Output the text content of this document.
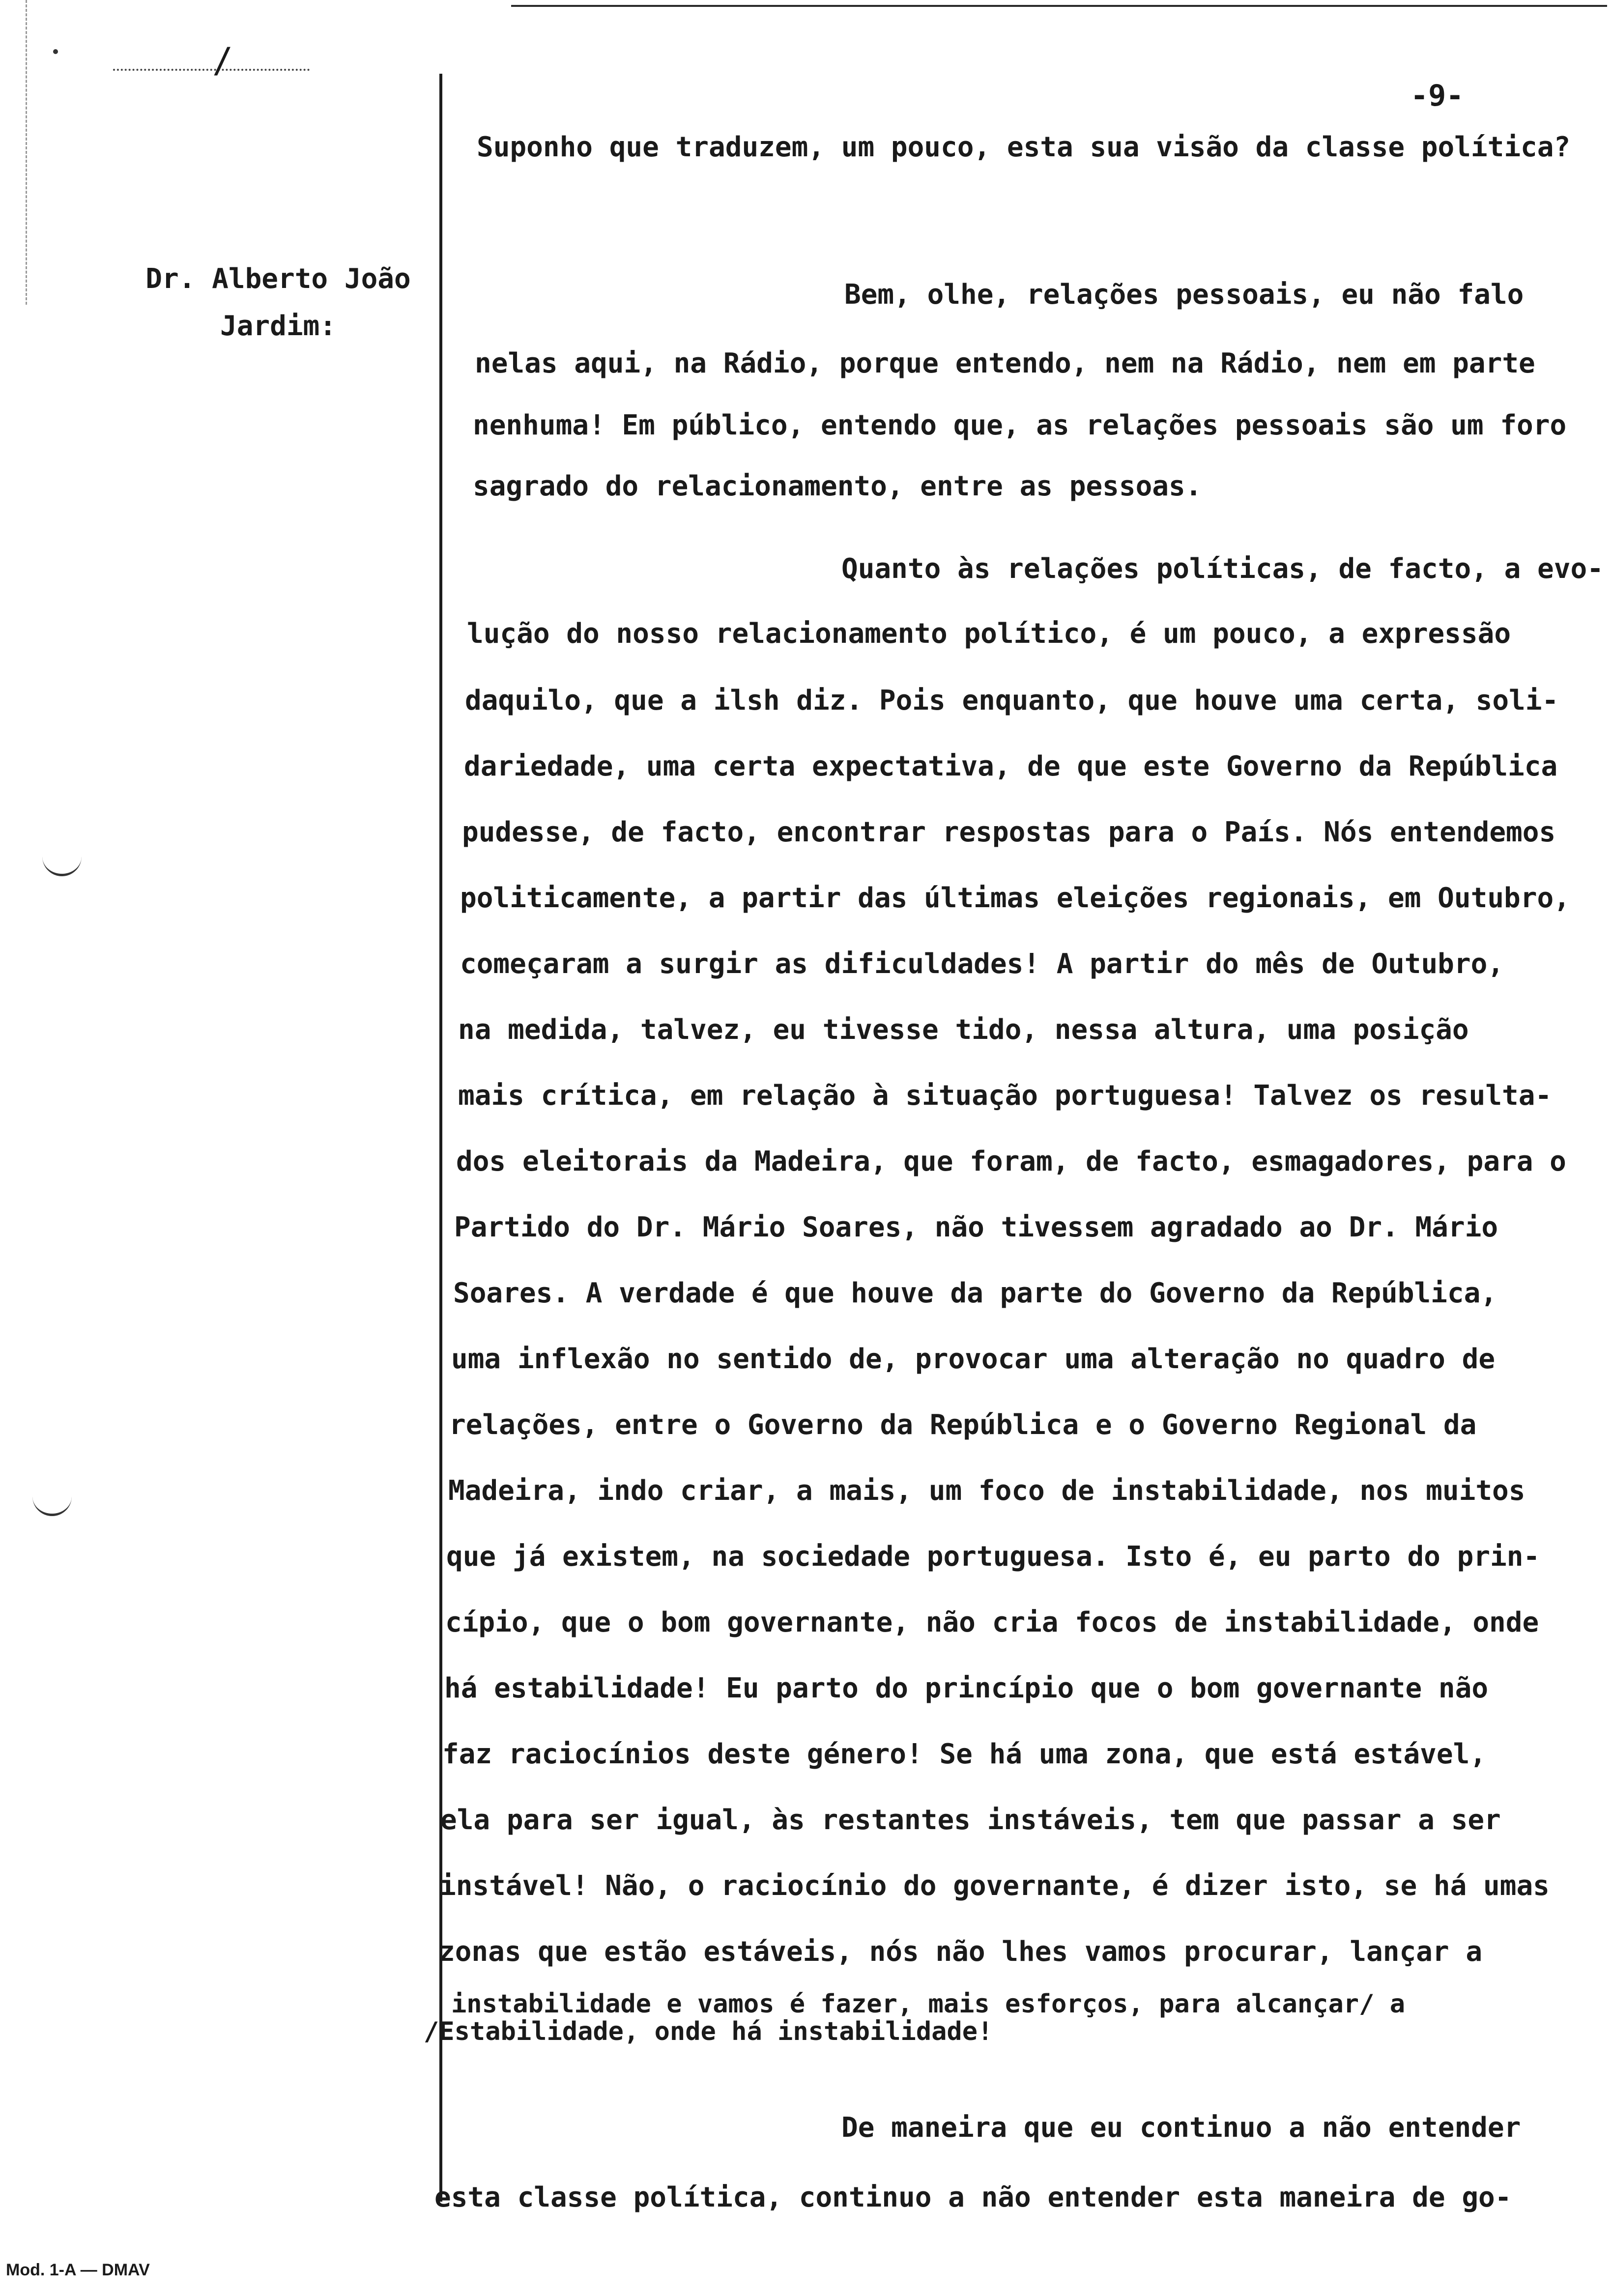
/
-9-
Dr. Alberto João
Jardim:
Suponho que traduzem, um pouco, esta sua visão da classe política?
Bem, olhe, relações pessoais, eu não falo
nelas aqui, na Rádio, porque entendo, nem na Rádio, nem em parte
nenhuma! Em público, entendo que, as relações pessoais são um foro
sagrado do relacionamento, entre as pessoas.
Quanto às relações políticas, de facto, a evo-
lução do nosso relacionamento político, é um pouco, a expressão
daquilo, que a ilsh diz. Pois enquanto, que houve uma certa, soli-
dariedade, uma certa expectativa, de que este Governo da República
pudesse, de facto, encontrar respostas para o País. Nós entendemos
politicamente, a partir das últimas eleições regionais, em Outubro,
começaram a surgir as dificuldades! A partir do mês de Outubro,
na medida, talvez, eu tivesse tido, nessa altura, uma posição
mais crítica, em relação à situação portuguesa! Talvez os resulta-
dos eleitorais da Madeira, que foram, de facto, esmagadores, para o
Partido do Dr. Mário Soares, não tivessem agradado ao Dr. Mário
Soares. A verdade é que houve da parte do Governo da República,
uma inflexão no sentido de, provocar uma alteração no quadro de
relações, entre o Governo da República e o Governo Regional da
Madeira, indo criar, a mais, um foco de instabilidade, nos muitos
que já existem, na sociedade portuguesa. Isto é, eu parto do prin-
cípio, que o bom governante, não cria focos de instabilidade, onde
há estabilidade! Eu parto do princípio que o bom governante não
faz raciocínios deste género! Se há uma zona, que está estável,
ela para ser igual, às restantes instáveis, tem que passar a ser
instável! Não, o raciocínio do governante, é dizer isto, se há umas
zonas que estão estáveis, nós não lhes vamos procurar, lançar a
instabilidade e vamos é fazer, mais esforços, para alcançar/ a
/Estabilidade, onde há instabilidade!
De maneira que eu continuo a não entender
esta classe política, continuo a não entender esta maneira de go-
Mod. 1-A — DMAV
